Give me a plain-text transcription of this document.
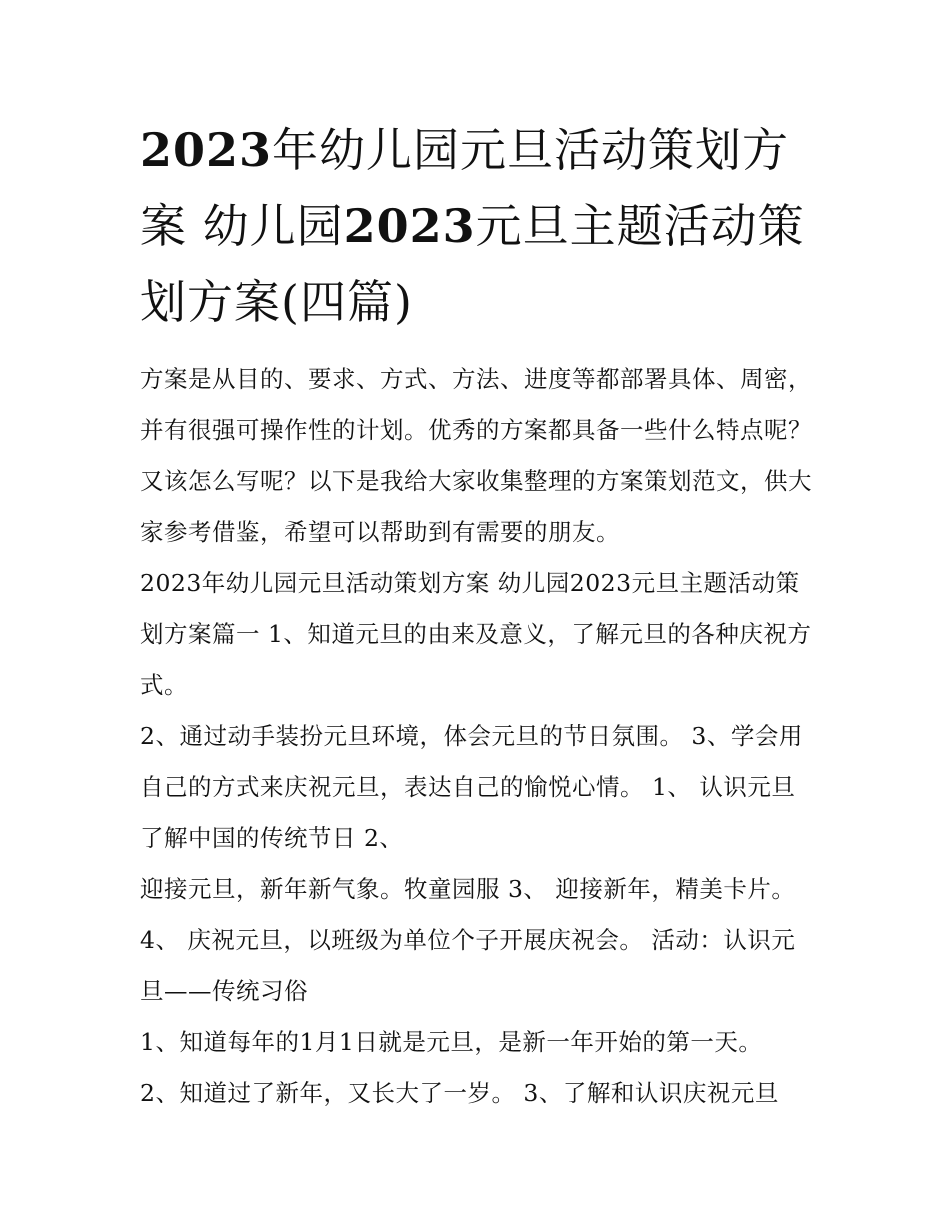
2023年幼儿园元旦活动策划方案 幼儿园2023元旦主题活动策划方案(四篇)

方案是从目的、要求、方式、方法、进度等都部署具体、周密，并有很强可操作性的计划。优秀的方案都具备一些什么特点呢？又该怎么写呢？以下是我给大家收集整理的方案策划范文，供大家参考借鉴，希望可以帮助到有需要的朋友。

2023年幼儿园元旦活动策划方案 幼儿园2023元旦主题活动策划方案篇一 1、知道元旦的由来及意义，了解元旦的各种庆祝方式。

2、通过动手装扮元旦环境，体会元旦的节日氛围。 3、学会用自己的方式来庆祝元旦，表达自己的愉悦心情。 1、 认识元旦了解中国的传统节日 2、

迎接元旦，新年新气象。牧童园服 3、 迎接新年，精美卡片。 4、 庆祝元旦，以班级为单位个子开展庆祝会。 活动：认识元旦——传统习俗

1、知道每年的1月1日就是元旦，是新一年开始的第一天。

2、知道过了新年，又长大了一岁。 3、了解和认识庆祝元旦
